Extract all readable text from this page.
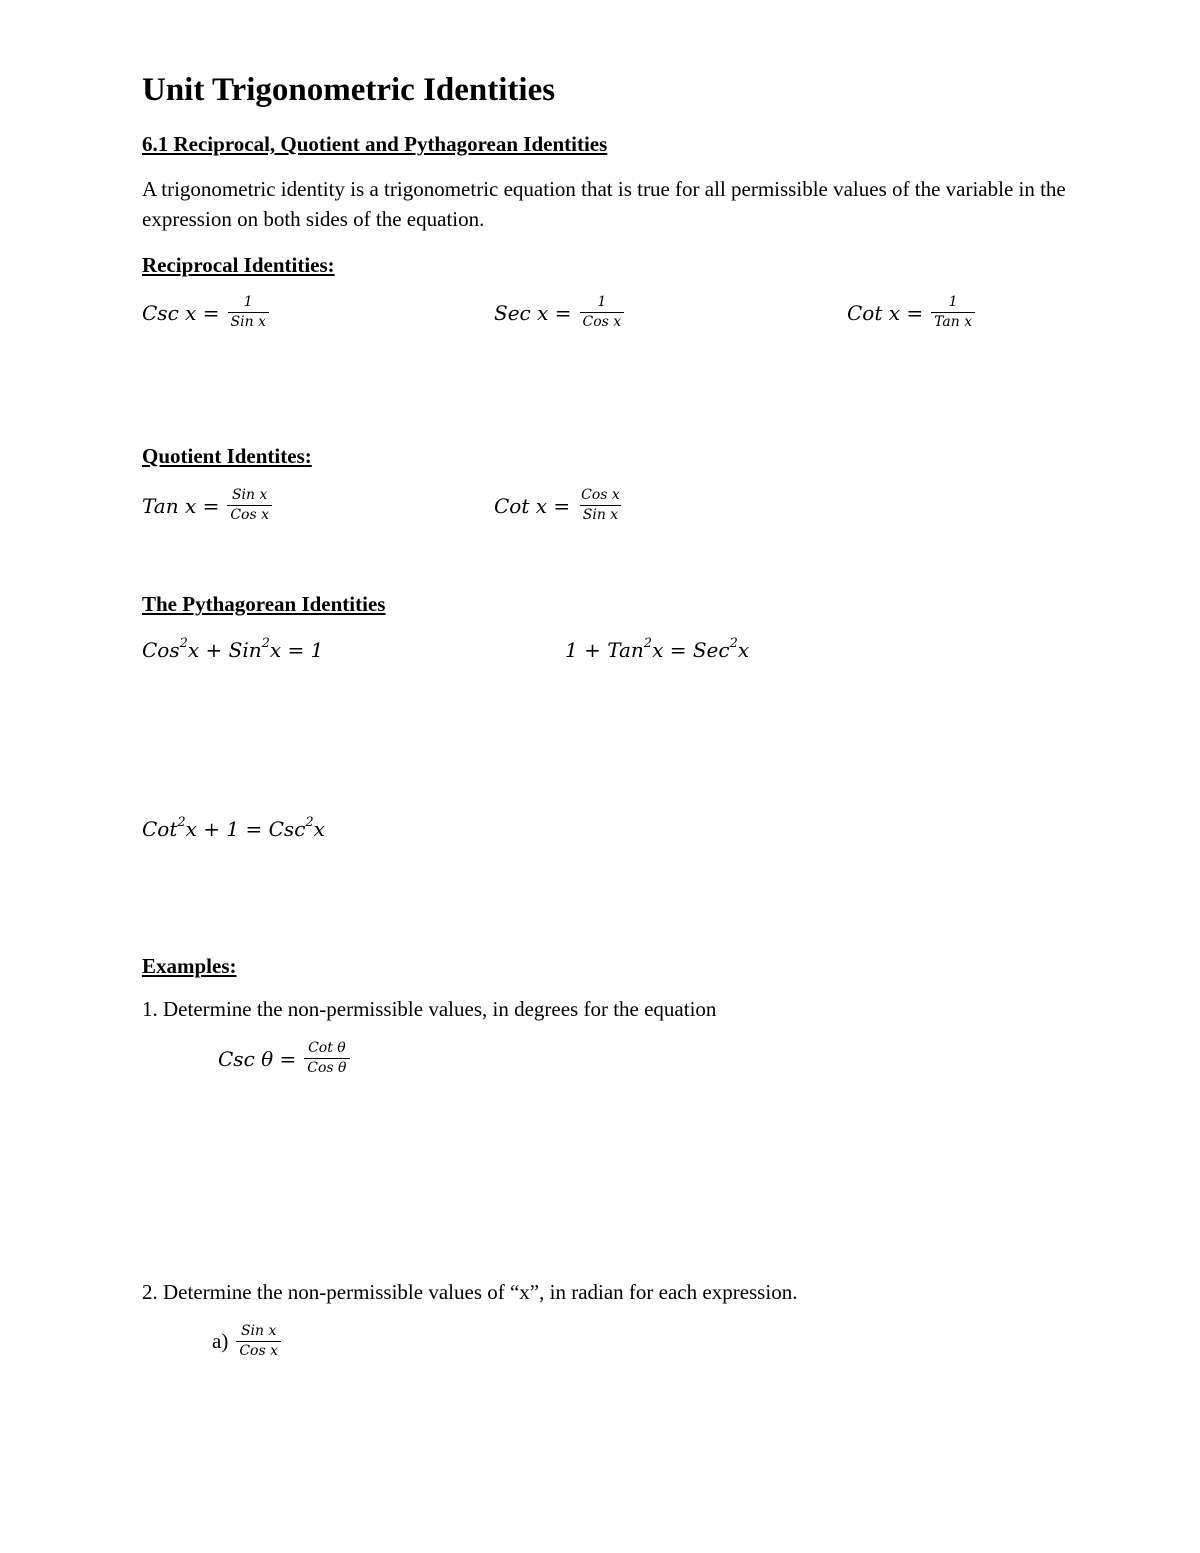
Unit Trigonometric Identities
6.1 Reciprocal, Quotient and Pythagorean Identities
A trigonometric identity is a trigonometric equation that is true for all permissible values of the variable in the expression on both sides of the equation.
Reciprocal Identities:
Csc $x = \frac{1}{\text{Sin x}}$	Sec $x = \frac{1}{\text{Cos x}}$	Cot $x = \frac{1}{\text{Tan x}}$
Quotient Identites:
Tan $x = \frac{\text{Sin x}}{\text{Cos x}}$	Cot $x = \frac{\text{Cos x}}{\text{Sin x}}$
The Pythagorean Identities
Cos$^2$x + Sin$^2$x = 1	1 + Tan$^2$x = Sec$^2$x
Cot$^2$x + 1 = Csc$^2$x
Examples:
1. Determine the non-permissible values, in degrees for the equation
Csc $\theta = \frac{\text{Cot θ}}{\text{Cos θ}}$
2. Determine the non-permissible values of “x”, in radian for each expression.
$a) \frac{\text{Sin x}}{\text{Cos x}}$
